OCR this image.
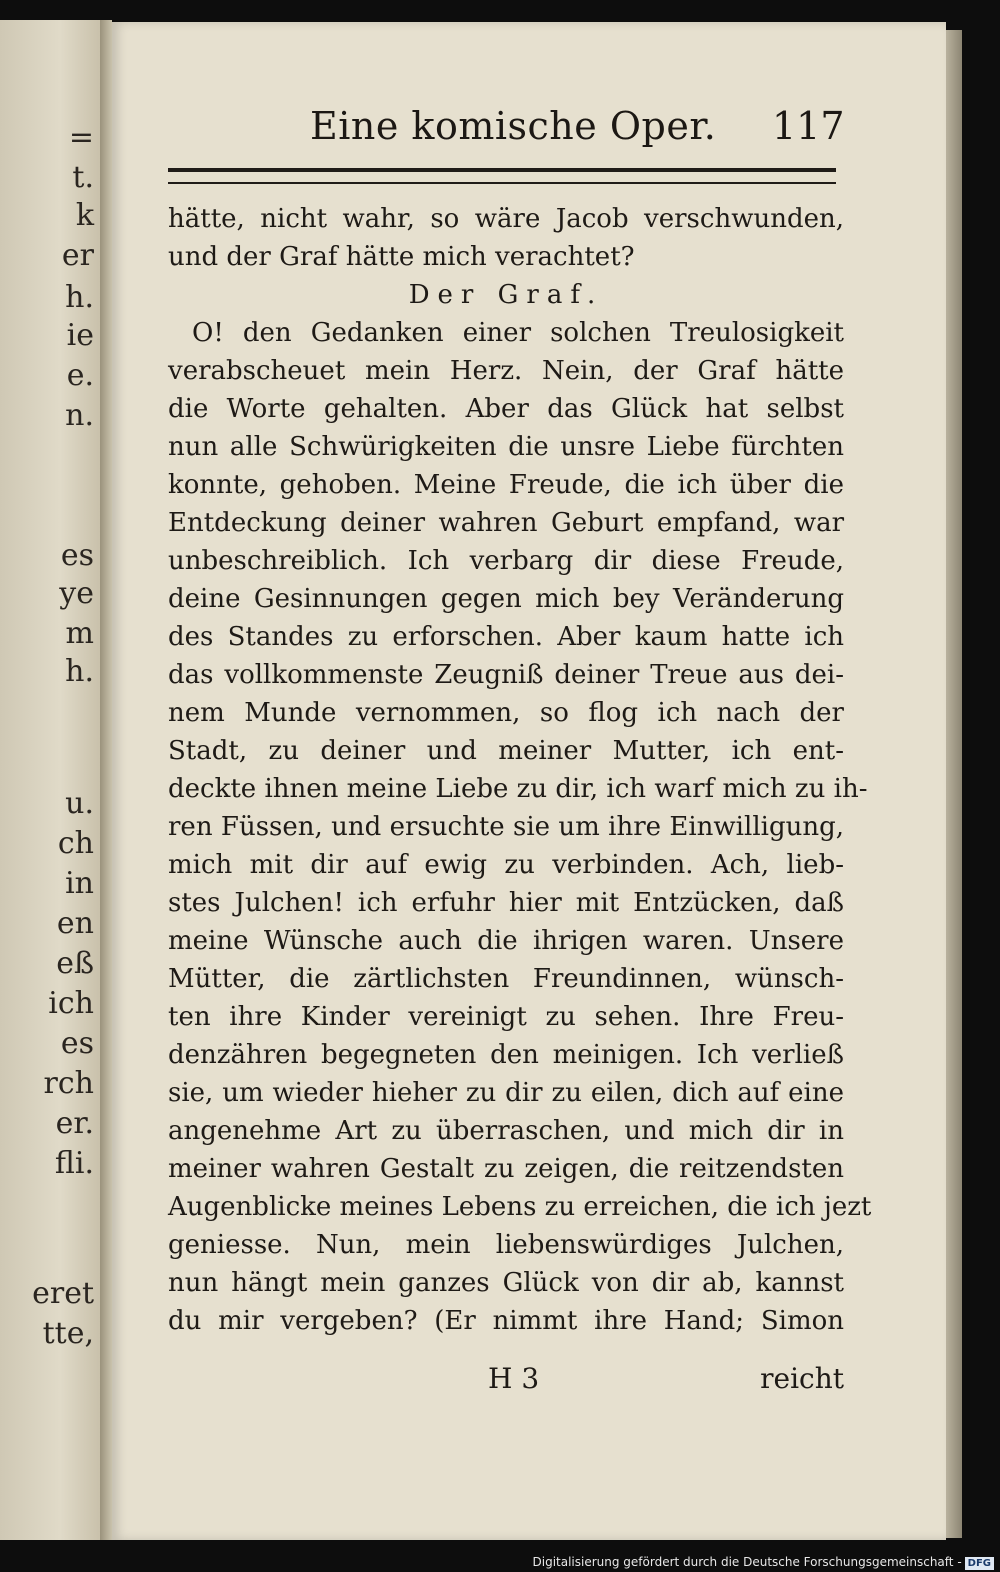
=
t.
k
er
h.
ie
e.
n.
es
ye
m
h.
u.
ch
in
en
eß
ich
es
rch
er.
fli.
eret
tte,
Eine komische Oper. 117
hätte, nicht wahr, so wäre Jacob verschwunden,
und der Graf hätte mich verachtet?
Der Graf.
O! den Gedanken einer solchen Treulosigkeit
verabscheuet mein Herz. Nein, der Graf hätte
die Worte gehalten. Aber das Glück hat selbst
nun alle Schwürigkeiten die unsre Liebe fürchten
konnte, gehoben. Meine Freude, die ich über die
Entdeckung deiner wahren Geburt empfand, war
unbeschreiblich. Ich verbarg dir diese Freude,
deine Gesinnungen gegen mich bey Veränderung
des Standes zu erforschen. Aber kaum hatte ich
das vollkommenste Zeugniß deiner Treue aus dei-
nem Munde vernommen, so flog ich nach der
Stadt, zu deiner und meiner Mutter, ich ent-
deckte ihnen meine Liebe zu dir, ich warf mich zu ih-
ren Füssen, und ersuchte sie um ihre Einwilligung,
mich mit dir auf ewig zu verbinden. Ach, lieb-
stes Julchen! ich erfuhr hier mit Entzücken, daß
meine Wünsche auch die ihrigen waren. Unsere
Mütter, die zärtlichsten Freundinnen, wünsch-
ten ihre Kinder vereinigt zu sehen. Ihre Freu-
denzähren begegneten den meinigen. Ich verließ
sie, um wieder hieher zu dir zu eilen, dich auf eine
angenehme Art zu überraschen, und mich dir in
meiner wahren Gestalt zu zeigen, die reitzendsten
Augenblicke meines Lebens zu erreichen, die ich jezt
geniesse. Nun, mein liebenswürdiges Julchen,
nun hängt mein ganzes Glück von dir ab, kannst
du mir vergeben? (Er nimmt ihre Hand; Simon
H 3	reicht
Digitalisierung gefördert durch die Deutsche Forschungsgemeinschaft - DFG
